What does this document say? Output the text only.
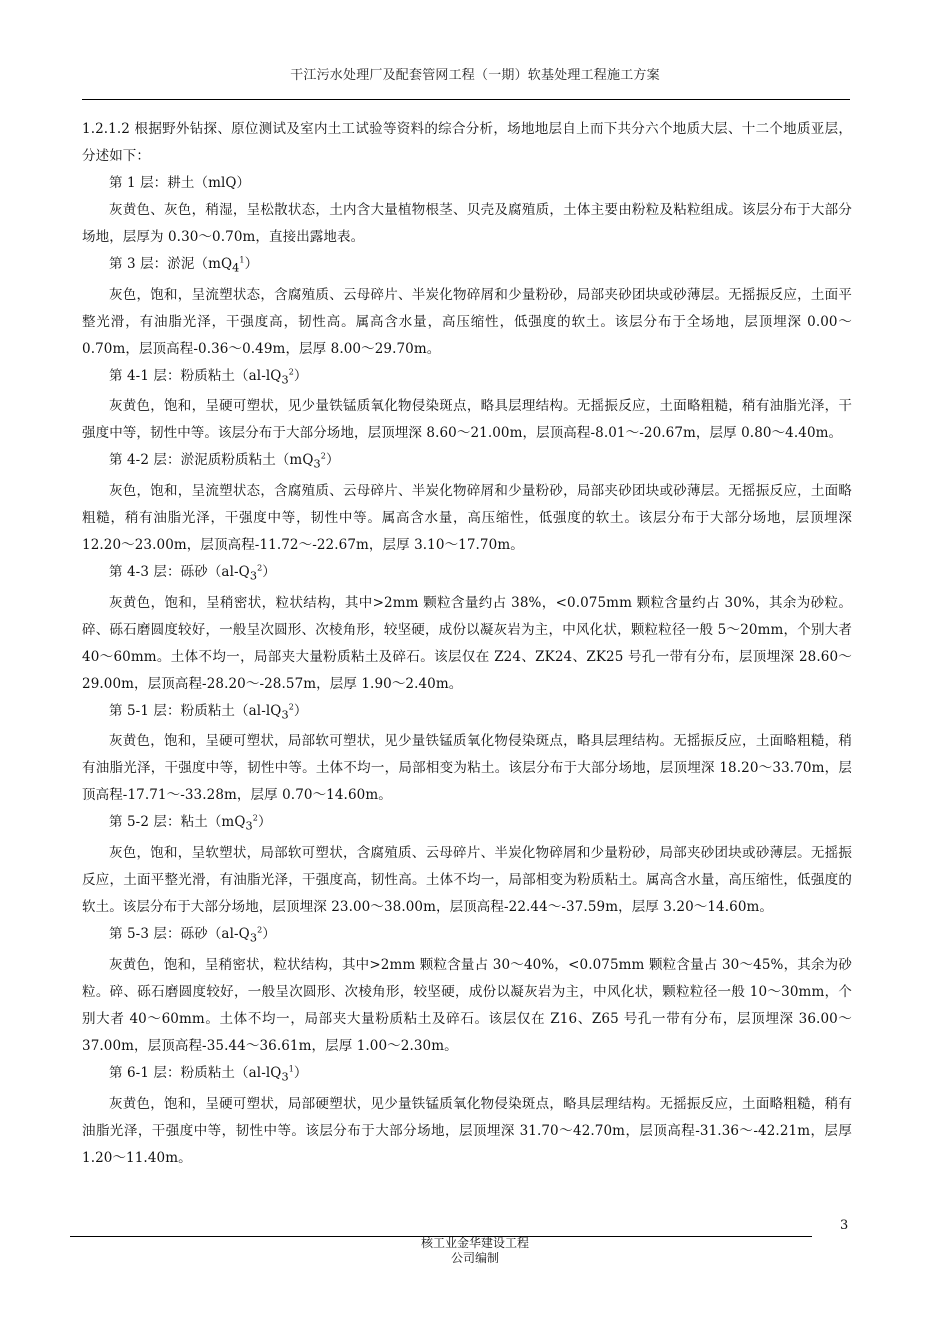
干江污水处理厂及配套管网工程（一期）软基处理工程施工方案

1.2.1.2 根据野外钻探、原位测试及室内土工试验等资料的综合分析，场地地层自上而下共分六个地质大层、十二个地质亚层，分述如下：

第 1 层：耕土（mlQ）

灰黄色、灰色，稍湿，呈松散状态，土内含大量植物根茎、贝壳及腐殖质，土体主要由粉粒及粘粒组成。该层分布于大部分场地，层厚为 0.30～0.70m，直接出露地表。

第 3 层：淤泥$(mQ_4^1)$

灰色，饱和，呈流塑状态，含腐殖质、云母碎片、半炭化物碎屑和少量粉砂，局部夹砂团块或砂薄层。无摇振反应，土面平整光滑，有油脂光泽，干强度高，韧性高。属高含水量，高压缩性，低强度的软土。该层分布于全场地，层顶埋深 0.00～0.70m，层顶高程-0.36～0.49m，层厚 8.00～29.70m。

第 4-1 层：粉质粘土$(al-lQ_3^2)$

灰黄色，饱和，呈硬可塑状，见少量铁锰质氧化物侵染斑点，略具层理结构。无摇振反应，土面略粗糙，稍有油脂光泽，干强度中等，韧性中等。该层分布于大部分场地，层顶埋深 8.60～21.00m，层顶高程-8.01～-20.67m，层厚 0.80～4.40m。

第 4-2 层：淤泥质粉质粘土$(mQ_3^2)$

灰色，饱和，呈流塑状态，含腐殖质、云母碎片、半炭化物碎屑和少量粉砂，局部夹砂团块或砂薄层。无摇振反应，土面略粗糙，稍有油脂光泽，干强度中等，韧性中等。属高含水量，高压缩性，低强度的软土。该层分布于大部分场地，层顶埋深 12.20～23.00m，层顶高程-11.72～-22.67m，层厚 3.10～17.70m。

第 4-3 层：砾砂$(al-Q_3^2)$

灰黄色，饱和，呈稍密状，粒状结构，其中>2mm 颗粒含量约占 38%，<0.075mm 颗粒含量约占 30%，其余为砂粒。碎、砾石磨圆度较好，一般呈次圆形、次棱角形，较坚硬，成份以凝灰岩为主，中风化状，颗粒粒径一般 5～20mm，个别大者 40～60mm。土体不均一，局部夹大量粉质粘土及碎石。该层仅在 Z24、ZK24、ZK25 号孔一带有分布，层顶埋深 28.60～29.00m，层顶高程-28.20～-28.57m，层厚 1.90～2.40m。

第 5-1 层：粉质粘土$(al-lQ_3^2)$

灰黄色，饱和，呈硬可塑状，局部软可塑状，见少量铁锰质氧化物侵染斑点，略具层理结构。无摇振反应，土面略粗糙，稍有油脂光泽，干强度中等，韧性中等。土体不均一，局部相变为粘土。该层分布于大部分场地，层顶埋深 18.20～33.70m，层顶高程-17.71～-33.28m，层厚 0.70～14.60m。

第 5-2 层：粘土$(mQ_3^2)$

灰色，饱和，呈软塑状，局部软可塑状，含腐殖质、云母碎片、半炭化物碎屑和少量粉砂，局部夹砂团块或砂薄层。无摇振反应，土面平整光滑，有油脂光泽，干强度高，韧性高。土体不均一，局部相变为粉质粘土。属高含水量，高压缩性，低强度的软土。该层分布于大部分场地，层顶埋深 23.00～38.00m，层顶高程-22.44～-37.59m，层厚 3.20～14.60m。

第 5-3 层：砾砂$(al-Q_3^2)$

灰黄色，饱和，呈稍密状，粒状结构，其中>2mm 颗粒含量占 30～40%，<0.075mm 颗粒含量占 30～45%，其余为砂粒。碎、砾石磨圆度较好，一般呈次圆形、次棱角形，较坚硬，成份以凝灰岩为主，中风化状，颗粒粒径一般 10～30mm，个别大者 40～60mm。土体不均一，局部夹大量粉质粘土及碎石。该层仅在 Z16、Z65 号孔一带有分布，层顶埋深 36.00～37.00m，层顶高程-35.44～36.61m，层厚 1.00～2.30m。

第 6-1 层：粉质粘土$(al-lQ_3^1)$

灰黄色，饱和，呈硬可塑状，局部硬塑状，见少量铁锰质氧化物侵染斑点，略具层理结构。无摇振反应，土面略粗糙，稍有油脂光泽，干强度中等，韧性中等。该层分布于大部分场地，层顶埋深 31.70～42.70m，层顶高程-31.36～-42.21m，层厚 1.20～11.40m。

3
核工业金华建设工程
公司编制
